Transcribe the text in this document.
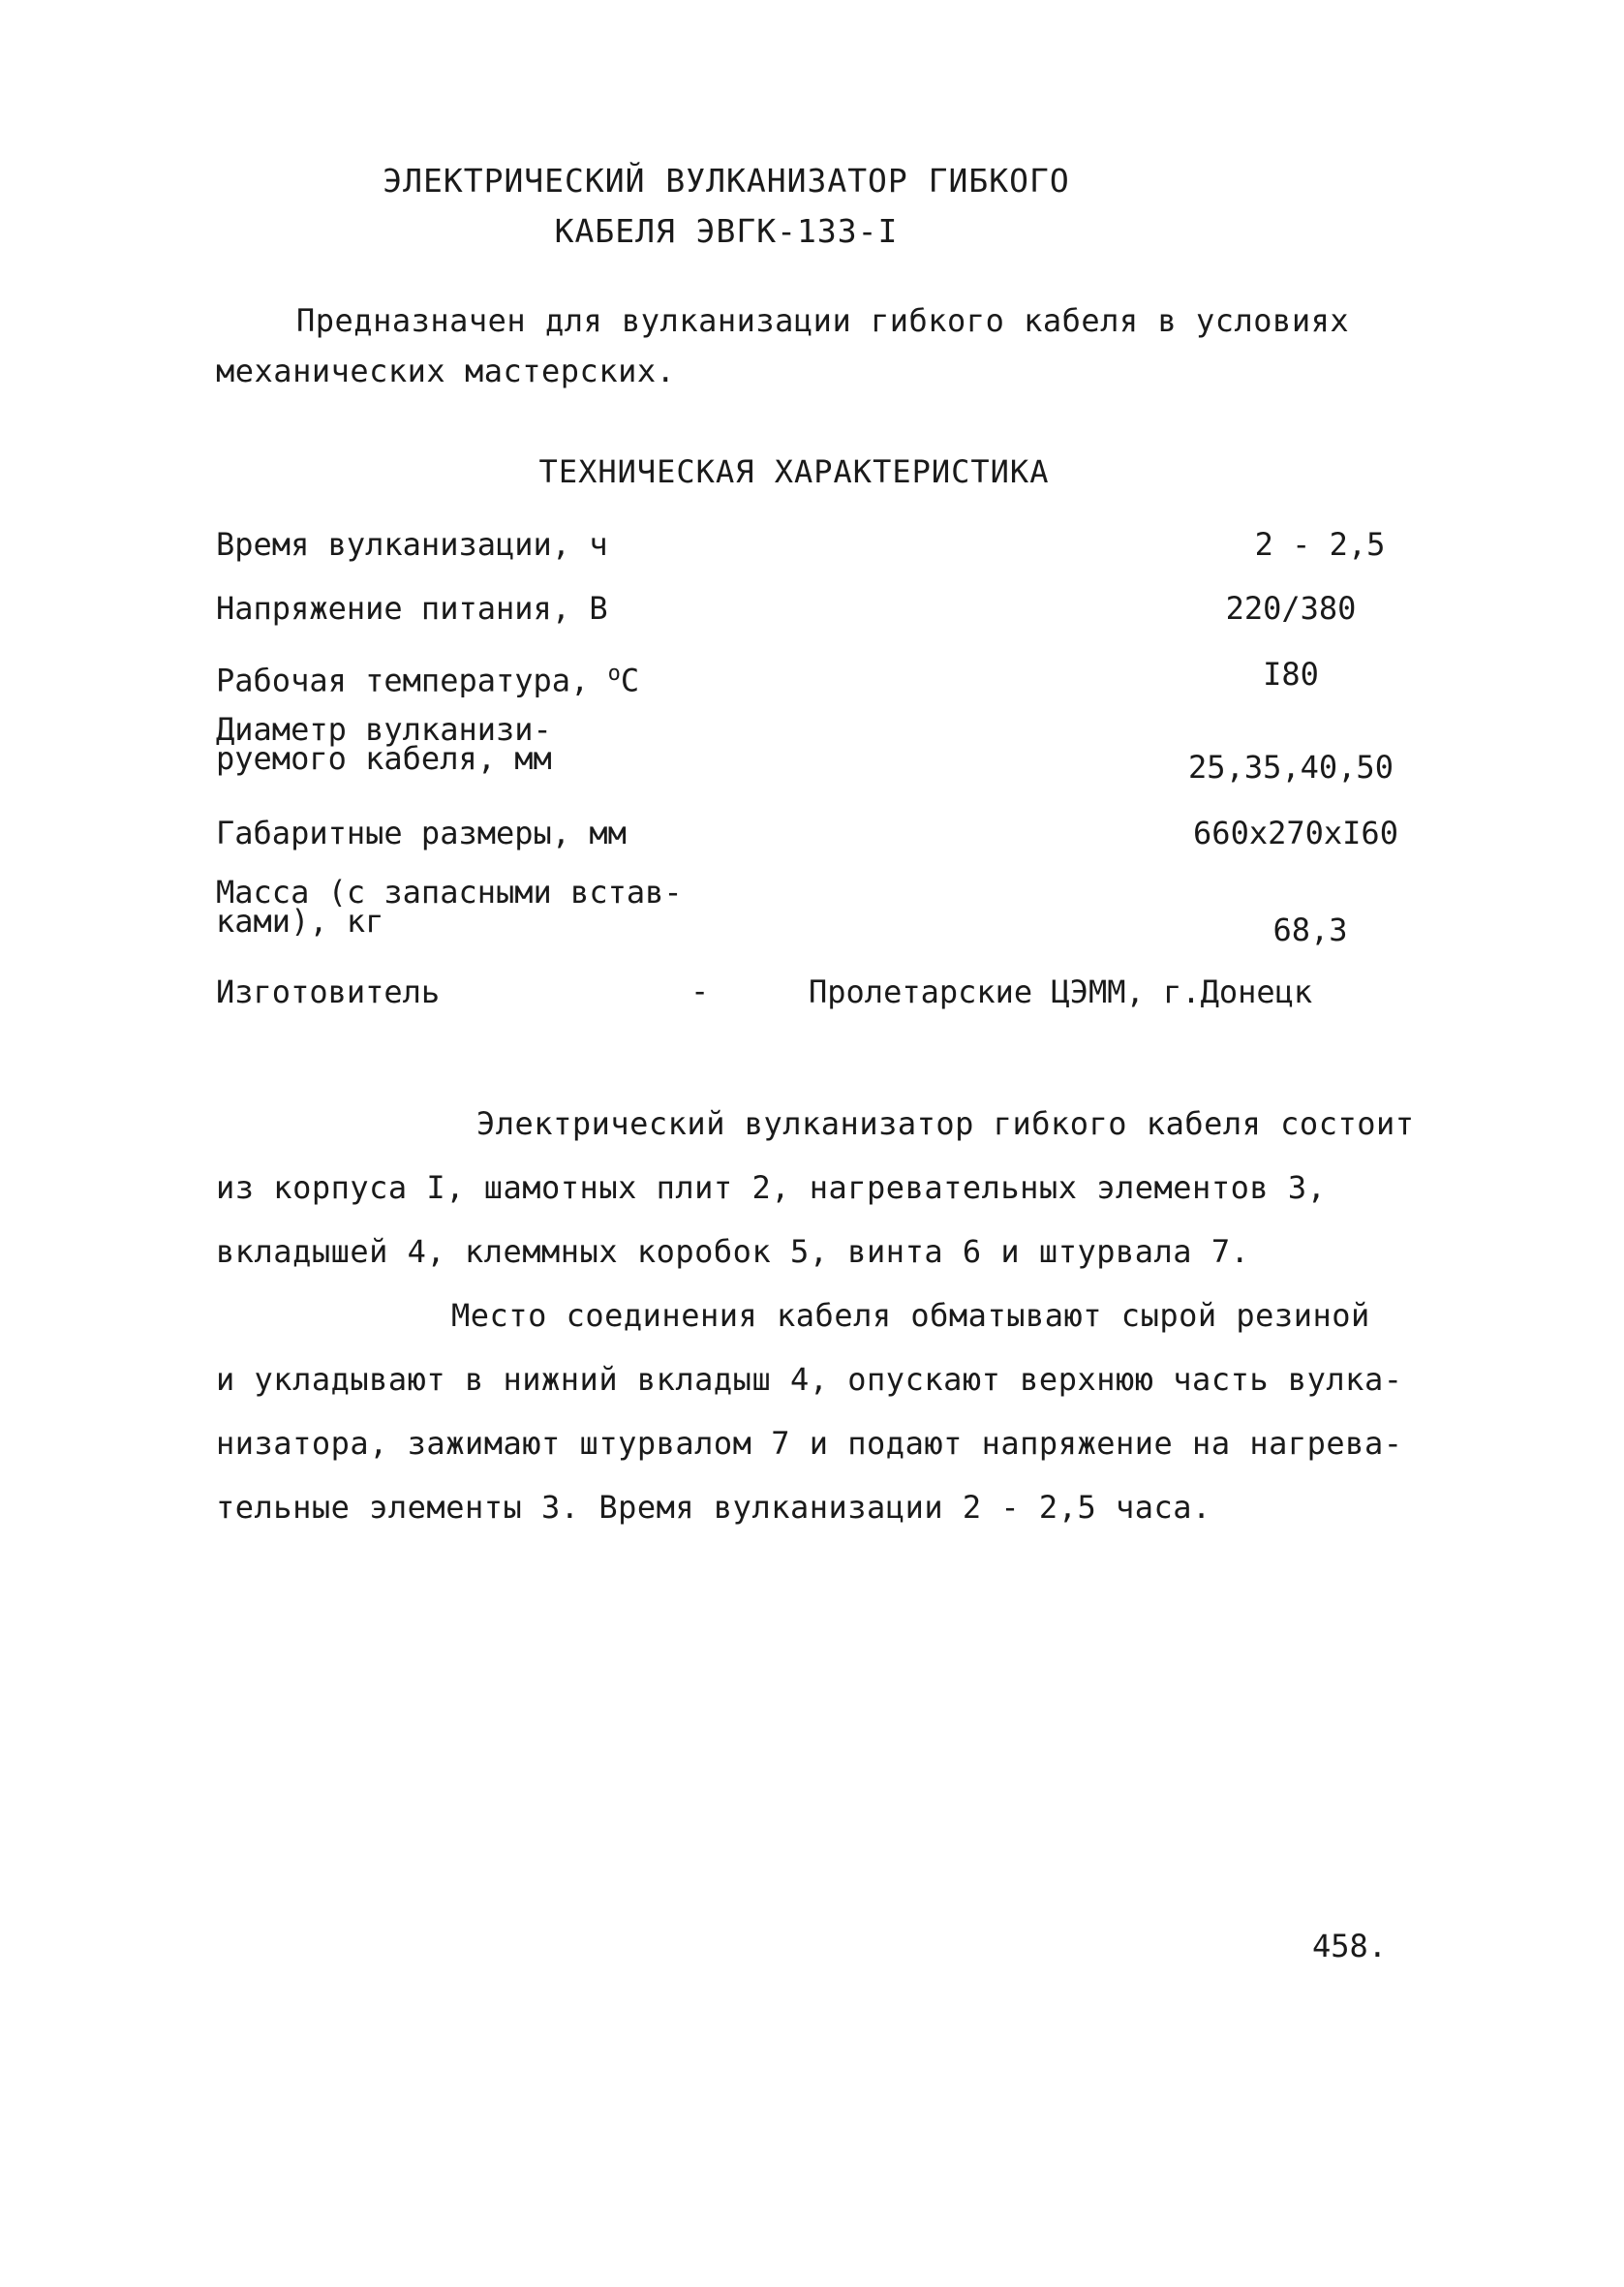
ЭЛЕКТРИЧЕСКИЙ ВУЛКАНИЗАТОР ГИБКОГО
КАБЕЛЯ ЭВГК-133-I
Предназначен для вулканизации гибкого кабеля в условиях
механических мастерских.
ТЕХНИЧЕСКАЯ ХАРАКТЕРИСТИКА
Время вулканизации, ч	2 - 2,5
Напряжение питания, В	220/380
Рабочая температура, $^о$С	I80
Диаметр вулканизи-
руемого кабеля, мм	25,35,40,50
Габаритные размеры, мм	660х270хI60
Масса (с запасными встав-
ками), кг	68,3
Изготовитель	-	Пролетарские ЦЭММ, г.Донецк
Электрический вулканизатор гибкого кабеля состоит
из корпуса I, шамотных плит 2, нагревательных элементов 3,
вкладышей 4, клеммных коробок 5, винта 6 и штурвала 7.
Место соединения кабеля обматывают сырой резиной
и укладывают в нижний вкладыш 4, опускают верхнюю часть вулка-
низатора, зажимают штурвалом 7 и подают напряжение на нагрева-
тельные элементы 3. Время вулканизации 2 - 2,5 часа.
458.
